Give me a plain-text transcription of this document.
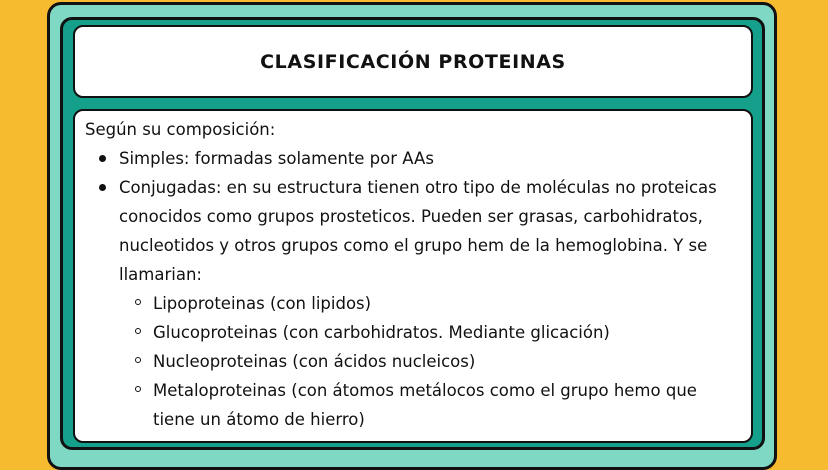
CLASIFICACIÓN PROTEINAS

Según su composición:

Simples: formadas solamente por AAs
Conjugadas: en su estructura tienen otro tipo de moléculas no proteicas conocidos como grupos prosteticos. Pueden ser grasas, carbohidratos, nucleotidos y otros grupos como el grupo hem de la hemoglobina. Y se llamarian:
Lipoproteinas (con lipidos)
Glucoproteinas (con carbohidratos. Mediante glicación)
Nucleoproteinas (con ácidos nucleicos)
Metaloproteinas (con átomos metálocos como el grupo hemo que tiene un átomo de hierro)
